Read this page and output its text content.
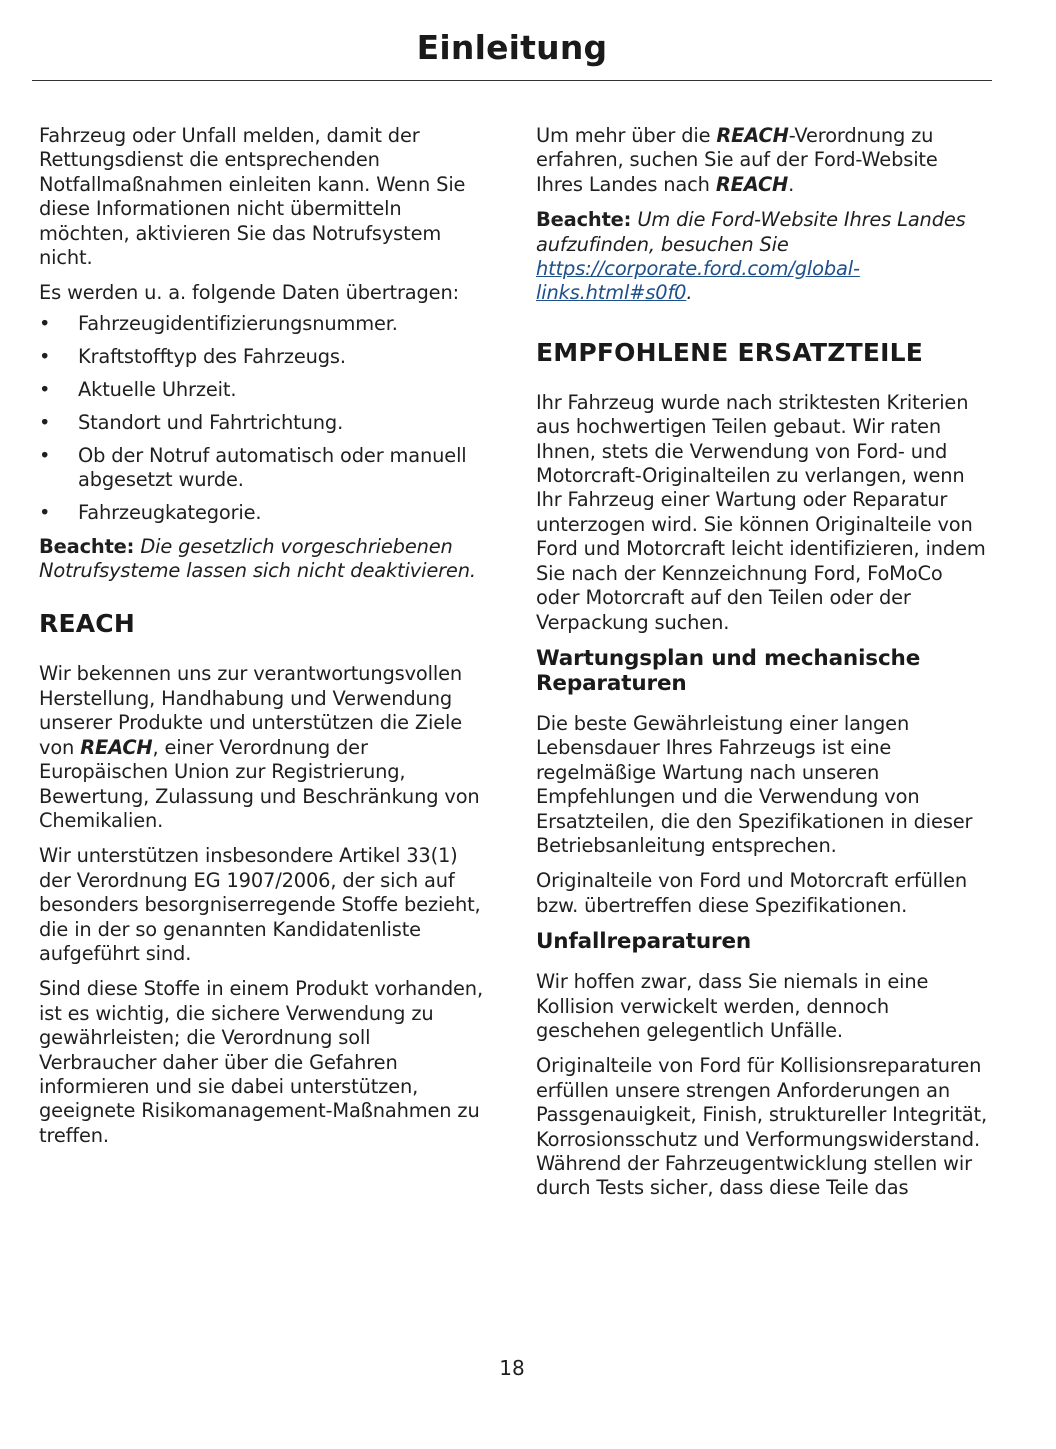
Einleitung

Fahrzeug oder Unfall melden, damit der Rettungsdienst die entsprechenden Notfallmaßnahmen einleiten kann. Wenn Sie diese Informationen nicht übermitteln möchten, aktivieren Sie das Notrufsystem nicht.

Es werden u. a. folgende Daten übertragen:

• Fahrzeugidentifizierungsnummer.
• Kraftstofftyp des Fahrzeugs.
• Aktuelle Uhrzeit.
• Standort und Fahrtrichtung.
• Ob der Notruf automatisch oder manuell abgesetzt wurde.
• Fahrzeugkategorie.

Beachte: Die gesetzlich vorgeschriebenen Notrufsystemе lassen sich nicht deaktivieren.

REACH

Wir bekennen uns zur verantwortungsvollen Herstellung, Handhabung und Verwendung unserer Produkte und unterstützen die Ziele von REACH, einer Verordnung der Europäischen Union zur Registrierung, Bewertung, Zulassung und Beschränkung von Chemikalien.

Wir unterstützen insbesondere Artikel 33(1) der Verordnung EG 1907/2006, der sich auf besonders besorgniserregende Stoffe bezieht, die in der so genannten Kandidatenliste aufgeführt sind.

Sind diese Stoffe in einem Produkt vorhanden, ist es wichtig, die sichere Verwendung zu gewährleisten; die Verordnung soll Verbraucher daher über die Gefahren informieren und sie dabei unterstützen, geeignete Risikomanagement-Maßnahmen zu treffen.

Um mehr über die REACH-Verordnung zu erfahren, suchen Sie auf der Ford-Website Ihres Landes nach REACH.

Beachte: Um die Ford-Website Ihres Landes aufzufinden, besuchen Sie https://corporate.ford.com/global-links.html#s0f0.

EMPFOHLENE ERSATZTEILE

Ihr Fahrzeug wurde nach striktesten Kriterien aus hochwertigen Teilen gebaut. Wir raten Ihnen, stets die Verwendung von Ford- und Motorcraft-Originalteilen zu verlangen, wenn Ihr Fahrzeug einer Wartung oder Reparatur unterzogen wird. Sie können Originalteile von Ford und Motorcraft leicht identifizieren, indem Sie nach der Kennzeichnung Ford, FoMoCo oder Motorcraft auf den Teilen oder der Verpackung suchen.

Wartungsplan und mechanische Reparaturen

Die beste Gewährleistung einer langen Lebensdauer Ihres Fahrzeugs ist eine regelmäßige Wartung nach unseren Empfehlungen und die Verwendung von Ersatzteilen, die den Spezifikationen in dieser Betriebsanleitung entsprechen.

Originalteile von Ford und Motorcraft erfüllen bzw. übertreffen diese Spezifikationen.

Unfallreparaturen

Wir hoffen zwar, dass Sie niemals in eine Kollision verwickelt werden, dennoch geschehen gelegentlich Unfälle.

Originalteile von Ford für Kollisionsreparaturen erfüllen unsere strengen Anforderungen an Passgenauigkeit, Finish, struktureller Integrität, Korrosionsschutz und Verformungswiderstand. Während der Fahrzeugentwicklung stellen wir durch Tests sicher, dass diese Teile das

18
